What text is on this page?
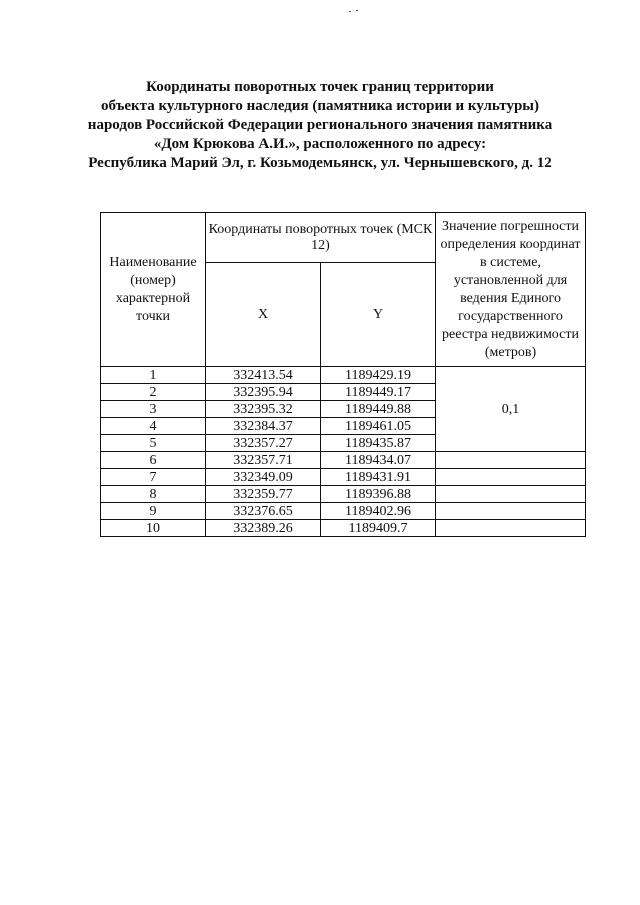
Координаты поворотных точек границ территории
объекта культурного наследия (памятника истории и культуры)
народов Российской Федерации регионального значения памятника
«Дом Крюкова А.И.», расположенного по адресу:
Республика Марий Эл, г. Козьмодемьянск, ул. Чернышевского, д. 12
Наименование (номер) характерной точки	Координаты поворотных точек (МСК 12)		Значение погрешности определения координат в системе, установленной для ведения Единого государственного реестра недвижимости (метров)
	X	Y	
1	332413.54	1189429.19	0,1
2	332395.94	1189449.17	
3	332395.32	1189449.88	
4	332384.37	1189461.05	
5	332357.27	1189435.87	
6	332357.71	1189434.07	
7	332349.09	1189431.91	
8	332359.77	1189396.88	
9	332376.65	1189402.96	
10	332389.26	1189409.7	
